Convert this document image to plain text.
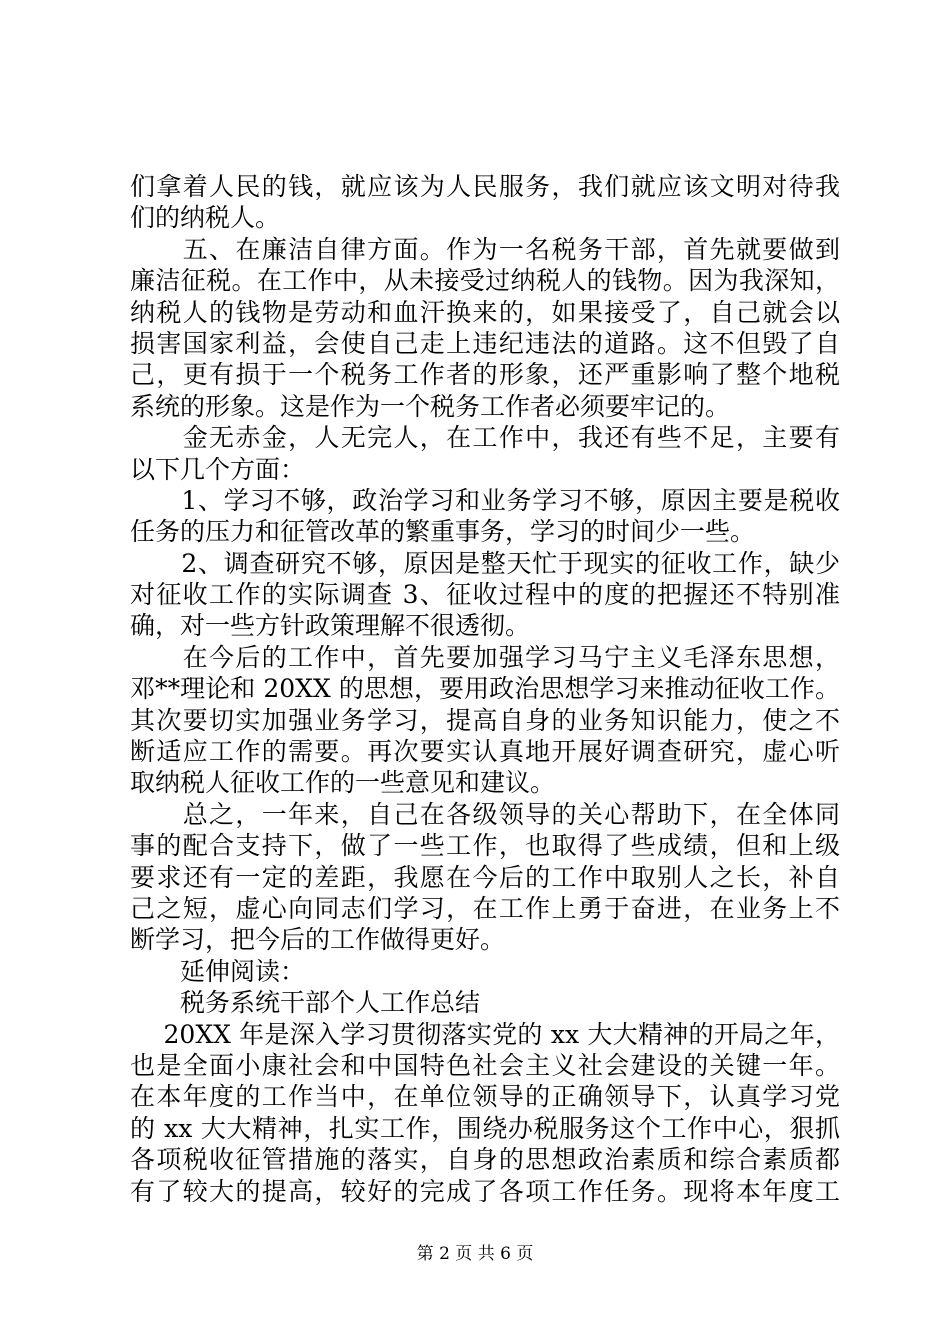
们拿着人民的钱，就应该为人民服务，我们就应该文明对待我
们的纳税人。
　　五、在廉洁自律方面。作为一名税务干部，首先就要做到
廉洁征税。在工作中，从未接受过纳税人的钱物。因为我深知，
纳税人的钱物是劳动和血汗换来的，如果接受了，自己就会以
损害国家利益，会使自己走上违纪违法的道路。这不但毁了自
己，更有损于一个税务工作者的形象，还严重影响了整个地税
系统的形象。这是作为一个税务工作者必须要牢记的。
　　金无赤金，人无完人，在工作中，我还有些不足，主要有
以下几个方面：
　　1、学习不够，政治学习和业务学习不够，原因主要是税收
任务的压力和征管改革的繁重事务，学习的时间少一些。
　　2、调查研究不够，原因是整天忙于现实的征收工作，缺少
对征收工作的实际调查 3、征收过程中的度的把握还不特别准
确，对一些方针政策理解不很透彻。
　　在今后的工作中，首先要加强学习马宁主义毛泽东思想，
邓**理论和 20XX 的思想，要用政治思想学习来推动征收工作。
其次要切实加强业务学习，提高自身的业务知识能力，使之不
断适应工作的需要。再次要实认真地开展好调查研究，虚心听
取纳税人征收工作的一些意见和建议。
　　总之，一年来，自己在各级领导的关心帮助下，在全体同
事的配合支持下，做了一些工作，也取得了些成绩，但和上级
要求还有一定的差距，我愿在今后的工作中取别人之长，补自
己之短，虚心向同志们学习，在工作上勇于奋进，在业务上不
断学习，把今后的工作做得更好。
　　延伸阅读：
　　税务系统干部个人工作总结
　 20XX 年是深入学习贯彻落实党的 xx 大大精神的开局之年，
也是全面小康社会和中国特色社会主义社会建设的关键一年。
在本年度的工作当中，在单位领导的正确领导下，认真学习党
的 xx 大大精神，扎实工作，围绕办税服务这个工作中心，狠抓
各项税收征管措施的落实，自身的思想政治素质和综合素质都
有了较大的提高，较好的完成了各项工作任务。现将本年度工
第 2 页 共 6 页
